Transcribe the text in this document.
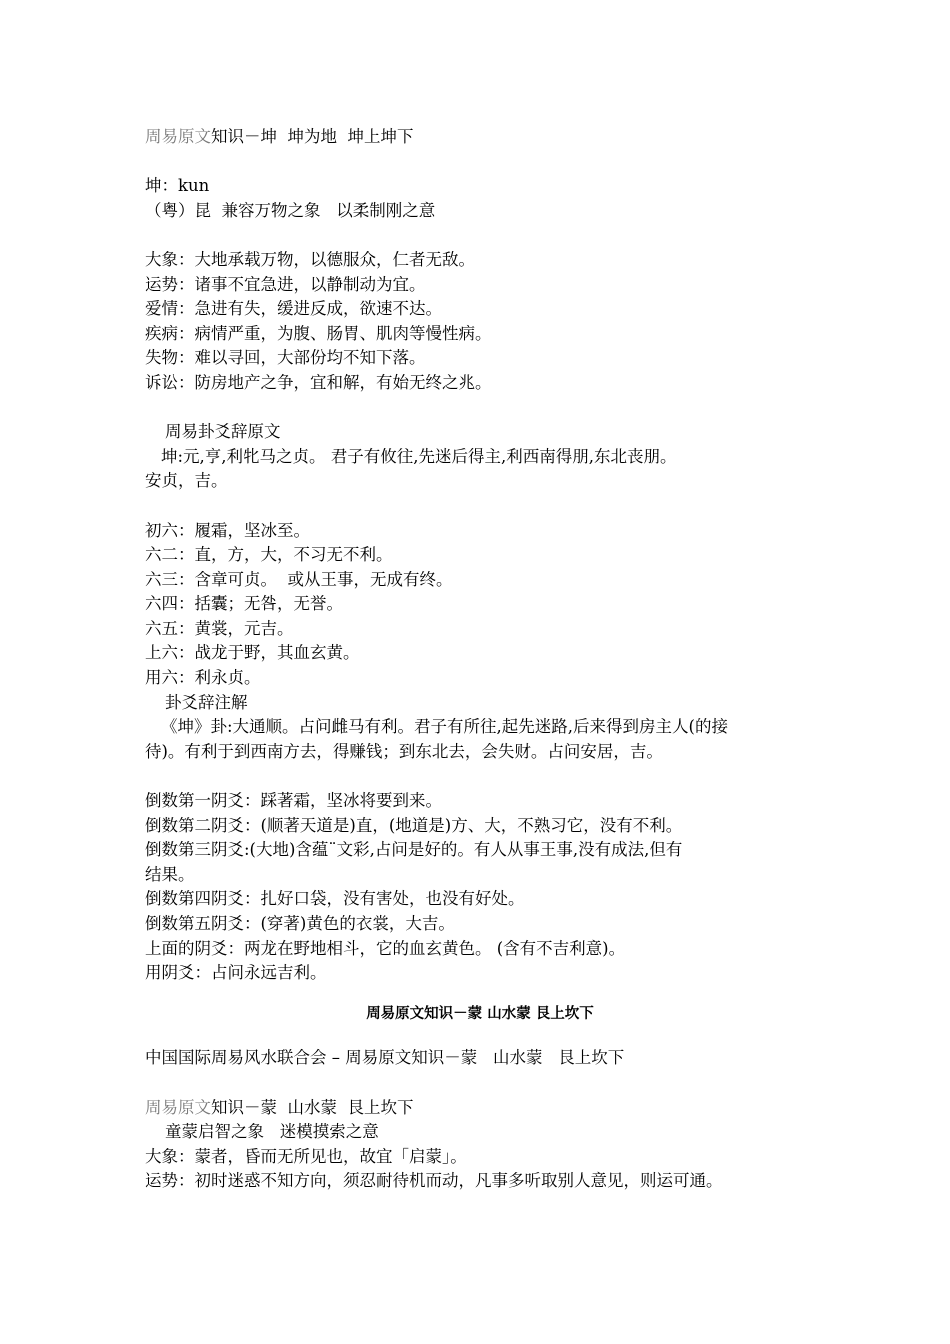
周易原文知识－坤  坤为地  坤上坤下

坤：kun

（粤）昆  兼容万物之象   以柔制刚之意

大象：大地承载万物，以德服众，仁者无敌。

运势：诸事不宜急进，以静制动为宜。

爱情：急进有失，缓进反成，欲速不达。

疾病：病情严重，为腹、肠胃、肌肉等慢性病。

失物：难以寻回，大部份均不知下落。

诉讼：防房地产之争，宜和解，有始无终之兆。

周易卦爻辞原文

坤:元,亨,利牝马之贞。 君子有攸往,先迷后得主,利西南得朋,东北丧朋。

安贞，吉。

初六：履霜，坚冰至。

六二：直，方，大，不习无不利。

六三：含章可贞。  或从王事，无成有终。

六四：括囊；无咎，无誉。

六五：黄裳，元吉。

上六：战龙于野，其血玄黄。

用六：利永贞。

卦爻辞注解

《坤》卦:大通顺。占问雌马有利。君子有所往,起先迷路,后来得到房主人(的接

待)。有利于到西南方去，得赚钱；到东北去，会失财。占问安居，吉。

倒数第一阴爻：踩著霜，坚冰将要到来。

倒数第二阴爻：(顺著天道是)直，(地道是)方、大，不熟习它，没有不利。

倒数第三阴爻:(大地)含蕴¨文彩,占问是好的。有人从事王事,没有成法,但有

结果。

倒数第四阴爻：扎好口袋，没有害处，也没有好处。

倒数第五阴爻：(穿著)黄色的衣裳，大吉。

上面的阴爻：两龙在野地相斗，它的血玄黄色。 (含有不吉利意)。

用阴爻：占问永远吉利。

周易原文知识－蒙 山水蒙 艮上坎下

中国国际周易风水联合会 – 周易原文知识－蒙   山水蒙   艮上坎下

周易原文知识－蒙  山水蒙  艮上坎下

童蒙启智之象   迷模摸索之意

大象：蒙者，昏而无所见也，故宜「启蒙」。

运势：初时迷惑不知方向，须忍耐待机而动，凡事多听取别人意见，则运可通。
